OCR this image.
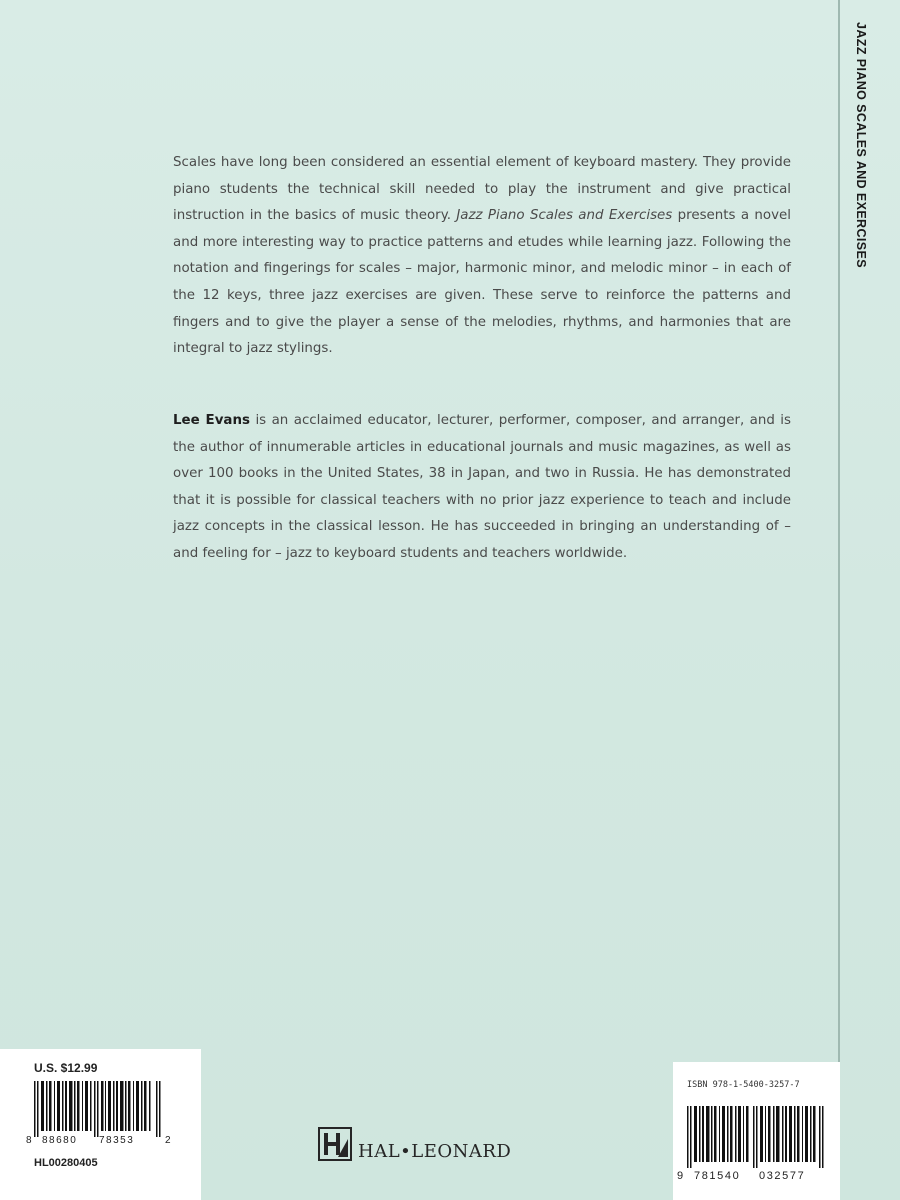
JAZZ PIANO SCALES AND EXERCISES

Scales have long been considered an essential element of keyboard mastery. They provide piano students the technical skill needed to play the instrument and give practical instruction in the basics of music theory. Jazz Piano Scales and Exercises presents a novel and more interesting way to practice patterns and etudes while learning jazz. Following the notation and fingerings for scales – major, harmonic minor, and melodic minor – in each of the 12 keys, three jazz exercises are given. These serve to reinforce the patterns and fingers and to give the player a sense of the melodies, rhythms, and harmonies that are integral to jazz stylings.

Lee Evans is an acclaimed educator, lecturer, performer, composer, and arranger, and is the author of innumerable articles in educational journals and music magazines, as well as over 100 books in the United States, 38 in Japan, and two in Russia. He has demonstrated that it is possible for classical teachers with no prior jazz experience to teach and include jazz concepts in the classical lesson. He has succeeded in bringing an understanding of – and feeling for – jazz to keyboard students and teachers worldwide.

U.S. $12.99
8 88680 78353	2
HL00280405
HAL•LEONARD
ISBN 978-1-5400-3257-7
9 781540 032577
